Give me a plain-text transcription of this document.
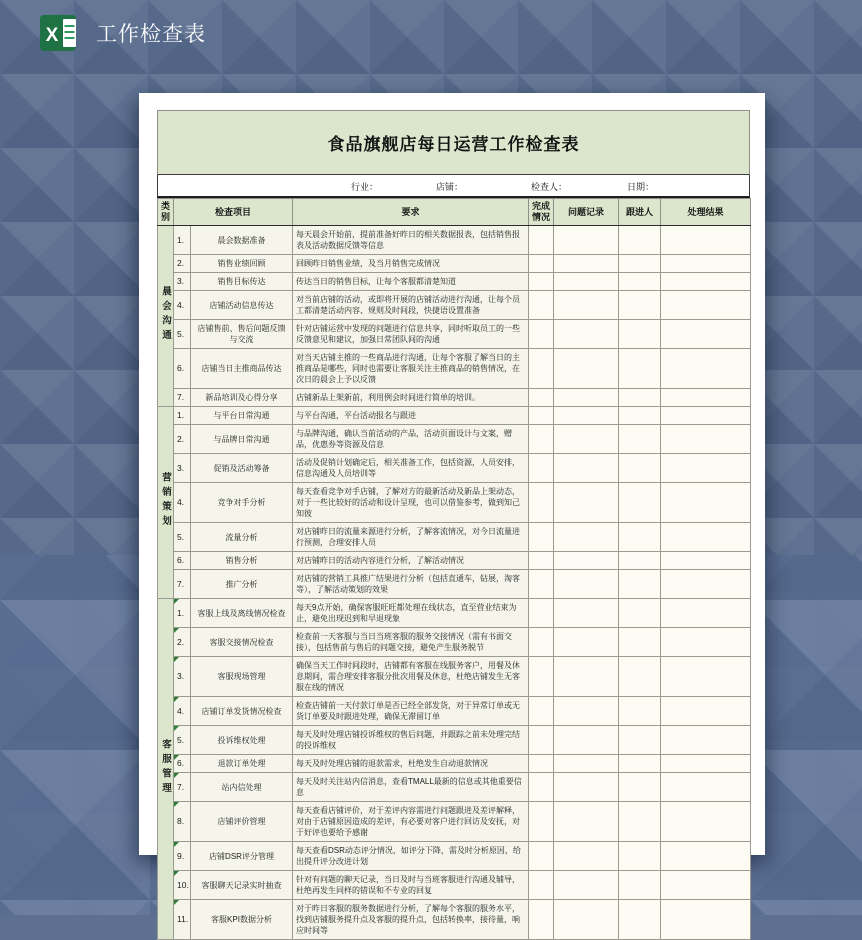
X 工作检查表
食品旗舰店每日运营工作检查表
行业：	店铺：	检查人：	日期：
类别	检查项目		要求	完成情况	问题记录	跟进人	处理结果
晨会沟通	1.	晨会数据准备	每天晨会开始前，提前准备好昨日的相关数据报表，包括销售报表及活动数据反馈等信息				
	2.	销售业绩回顾	回顾昨日销售业绩，及当月销售完成情况				
	3.	销售目标传达	传达当日的销售目标，让每个客服都清楚知道				
	4.	店铺活动信息传达	对当前店铺的活动，或即将开展的店铺活动进行沟通，让每个员工都清楚活动内容、规则及时间段，快捷语设置准备				
	5.	店铺售前、售后问题反馈与交流	针对店铺运营中发现的问题进行信息共享，同时听取员工的一些反馈意见和建议，加强日常团队间的沟通				
	6.	店铺当日主推商品传达	对当天店铺主推的一些商品进行沟通，让每个客服了解当日的主推商品是哪些，同时也需要让客服关注主推商品的销售情况，在次日的晨会上予以反馈				
	7.	新品培训及心得分享	店铺新品上架新前，利用例会时间进行简单的培训。				
营销策划	1.	与平台日常沟通	与平台沟通，平台活动报名与跟进				
	2.	与品牌日常沟通	与品牌沟通，确认当前活动的产品，活动页面设计与文案，赠品，优惠券等资源及信息				
	3.	促销及活动筹备	活动及促销计划确定后，相关准备工作，包括资源，人员安排，信息沟通及人员培训等				
	4.	竞争对手分析	每天查看竞争对手店铺，了解对方的最新活动及新品上架动态，对于一些比较好的活动和设计呈现，也可以借鉴参考，做到知己知彼				
	5.	流量分析	对店铺昨日的流量来源进行分析，了解客流情况，对今日流量进行预测，合理安排人员				
	6.	销售分析	对店铺昨日的活动内容进行分析，了解活动情况				
	7.	推广分析	对店铺的营销工具推广结果进行分析（包括直通车，钻展，淘客等），了解活动策划的效果				
客服管理	1.	客服上线及离线情况检查	每天9点开始，确保客服旺旺都处理在线状态，直至营业结束为止，避免出现迟到和早退现象				
	2.	客服交接情况检查	检查前一天客服与当日当班客服的服务交接情况（需有书面交接），包括售前与售后的问题交接，避免产生服务脱节				
	3.	客服现场管理	确保当天工作时间段时，店铺都有客服在线服务客户，用餐及休息期间，需合理安排客服分批次用餐及休息，杜绝店铺发生无客服在线的情况				
	4.	店铺订单发货情况检查	检查店铺前一天付款订单是否已经全部发货，对于异常订单或无货订单要及时跟进处理，确保无滞留订单				
	5.	投诉维权处理	每天及时处理店铺投诉维权的售后问题，并跟踪之前未处理完结的投诉维权				
	6.	退款订单处理	每天及时处理店铺的退款需求，杜绝发生自动退款情况				
	7.	站内信处理	每天及时关注站内信消息，查看TMALL最新的信息或其他重要信息				
	8.	店铺评价管理	每天查看店铺评价，对于差评内容需进行问题跟进及差评解释，对由于店铺原因造成的差评，有必要对客户进行回访及安抚，对于好评也要给予感谢				
	9.	店铺DSR评分管理	每天查看DSR动态评分情况，如评分下降，需及时分析原因，给出提升评分改进计划				
	10.	客服聊天记录实时抽查	针对有问题的聊天记录，当日及时与当班客服进行沟通及辅导，杜绝再发生同样的错误和不专业的回复				
	11.	客服KPI数据分析	对于昨日客服的服务数据进行分析，了解每个客服的服务水平，找到店铺服务提升点及客服的提升点，包括转换率，接待量，响应时间等				
